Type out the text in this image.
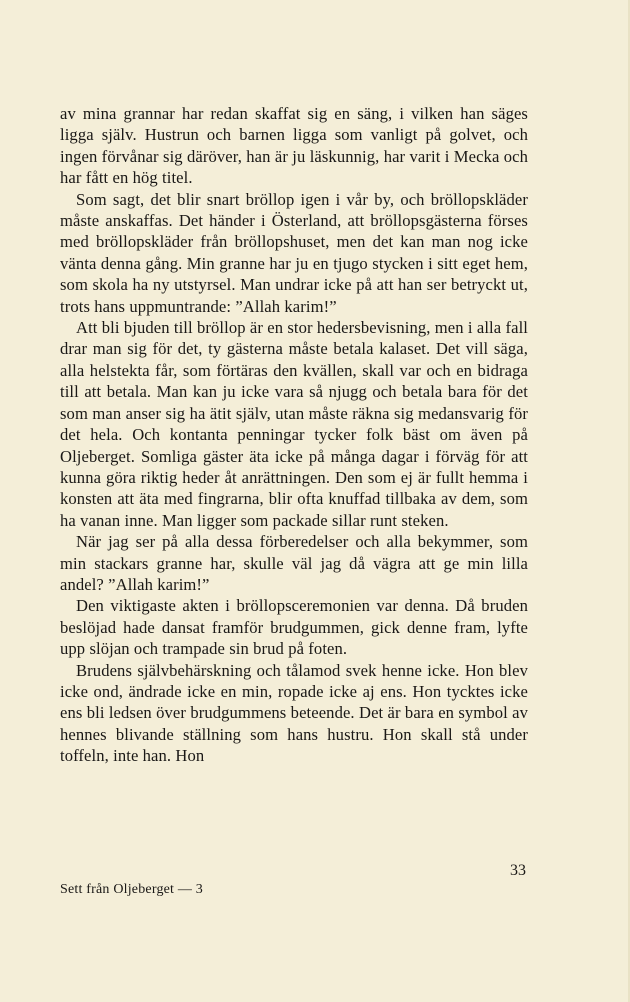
av mina grannar har redan skaffat sig en säng, i vilken han säges ligga själv. Hustrun och barnen ligga som vanligt på golvet, och ingen förvånar sig däröver, han är ju läskunnig, har varit i Mecka och har fått en hög titel.

Som sagt, det blir snart bröllop igen i vår by, och bröllopskläder måste anskaffas. Det händer i Österland, att bröllopsgästerna förses med bröllopskläder från bröllopshuset, men det kan man nog icke vänta denna gång. Min granne har ju en tjugo stycken i sitt eget hem, som skola ha ny utstyrsel. Man undrar icke på att han ser betryckt ut, trots hans uppmuntrande: ”Allah karim!”

Att bli bjuden till bröllop är en stor hedersbevisning, men i alla fall drar man sig för det, ty gästerna måste betala kalaset. Det vill säga, alla helstekta får, som förtäras den kvällen, skall var och en bidraga till att betala. Man kan ju icke vara så njugg och betala bara för det som man anser sig ha ätit själv, utan måste räkna sig medansvarig för det hela. Och kontanta penningar tycker folk bäst om även på Oljeberget. Somliga gäster äta icke på många dagar i förväg för att kunna göra riktig heder åt anrättningen. Den som ej är fullt hemma i konsten att äta med fingrarna, blir ofta knuffad tillbaka av dem, som ha vanan inne. Man ligger som packade sillar runt steken.

När jag ser på alla dessa förberedelser och alla bekymmer, som min stackars granne har, skulle väl jag då vägra att ge min lilla andel? ”Allah karim!”

Den viktigaste akten i bröllopsceremonien var denna. Då bruden beslöjad hade dansat framför brudgummen, gick denne fram, lyfte upp slöjan och trampade sin brud på foten.

Brudens självbehärskning och tålamod svek henne icke. Hon blev icke ond, ändrade icke en min, ropade icke aj ens. Hon tycktes icke ens bli ledsen över brudgummens beteende. Det är bara en symbol av hennes blivande ställning som hans hustru. Hon skall stå under toffeln, inte han. Hon

33
Sett från Oljeberget — 3
